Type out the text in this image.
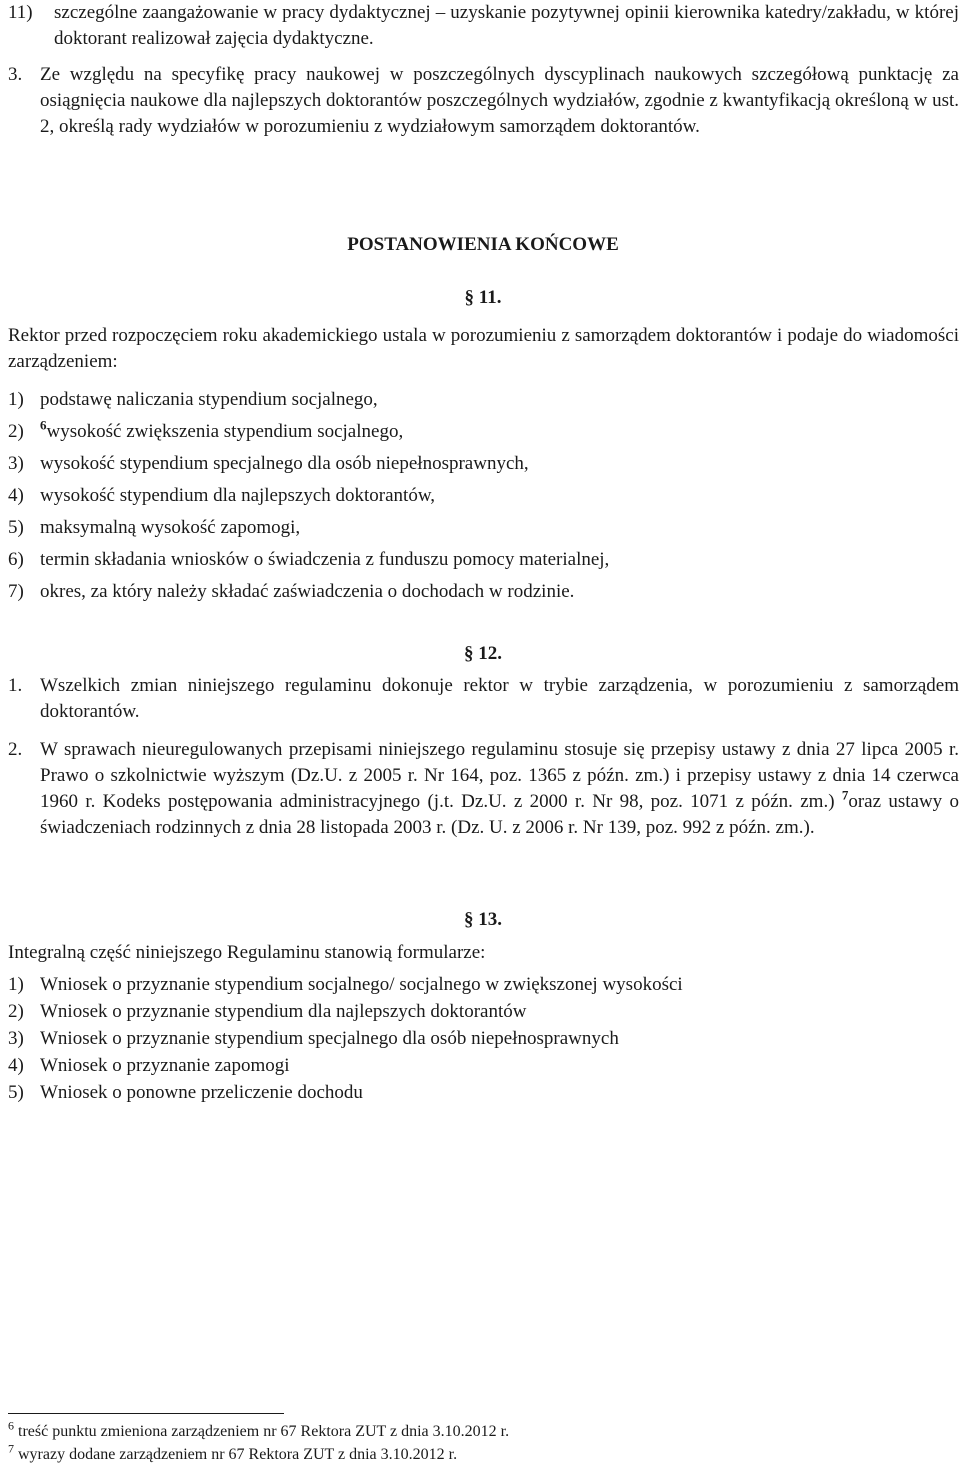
11)	szczególne zaangażowanie w pracy dydaktycznej – uzyskanie pozytywnej opinii kierownika katedry/zakładu, w której doktorant realizował zajęcia dydaktyczne.
3. Ze względu na specyfikę pracy naukowej w poszczególnych dyscyplinach naukowych szczegółową punktację za osiągnięcia naukowe dla najlepszych doktorantów poszczególnych wydziałów, zgodnie z kwantyfikacją określoną w ust. 2, określą rady wydziałów w porozumieniu z wydziałowym samorządem doktorantów.
POSTANOWIENIA KOŃCOWE
§ 11.
Rektor przed rozpoczęciem roku akademickiego ustala w porozumieniu z samorządem doktorantów i podaje do wiadomości zarządzeniem:
1) podstawę naliczania stypendium socjalnego,
2)	$^6$wysokość zwiększenia stypendium socjalnego,
3) wysokość stypendium specjalnego dla osób niepełnosprawnych,
4) wysokość stypendium dla najlepszych doktorantów,
5) maksymalną wysokość zapomogi,
6) termin składania wniosków o świadczenia z funduszu pomocy materialnej,
7) okres, za który należy składać zaświadczenia o dochodach w rodzinie.
§ 12.
1. Wszelkich zmian niniejszego regulaminu dokonuje rektor w trybie zarządzenia, w porozumieniu z samorządem doktorantów.
2. W sprawach nieuregulowanych przepisami niniejszego regulaminu stosuje się przepisy ustawy z dnia 27 lipca 2005 r. Prawo o szkolnictwie wyższym (Dz.U. z 2005 r. Nr 164, poz. 1365 z późn. zm.) i przepisy ustawy z dnia 14 czerwca 1960 r. Kodeks postępowania administracyjnego (j.t. Dz.U. z 2000 r. Nr 98, poz. 1071 z późn. zm.) $^7$oraz ustawy o świadczeniach rodzinnych z dnia 28 listopada 2003 r. (Dz. U. z 2006 r. Nr 139, poz. 992 z późn. zm.).
§ 13.
Integralną część niniejszego Regulaminu stanowią formularze:
1) Wniosek o przyznanie stypendium socjalnego/ socjalnego w zwiększonej wysokości
2) Wniosek o przyznanie stypendium dla najlepszych doktorantów
3) Wniosek o przyznanie stypendium specjalnego dla osób niepełnosprawnych
4) Wniosek o przyznanie zapomogi
5) Wniosek o ponowne przeliczenie dochodu
$^6$ treść punktu zmieniona zarządzeniem nr 67 Rektora ZUT z dnia 3.10.2012 r.
$^7$ wyrazy dodane zarządzeniem nr 67 Rektora ZUT z dnia 3.10.2012 r.
